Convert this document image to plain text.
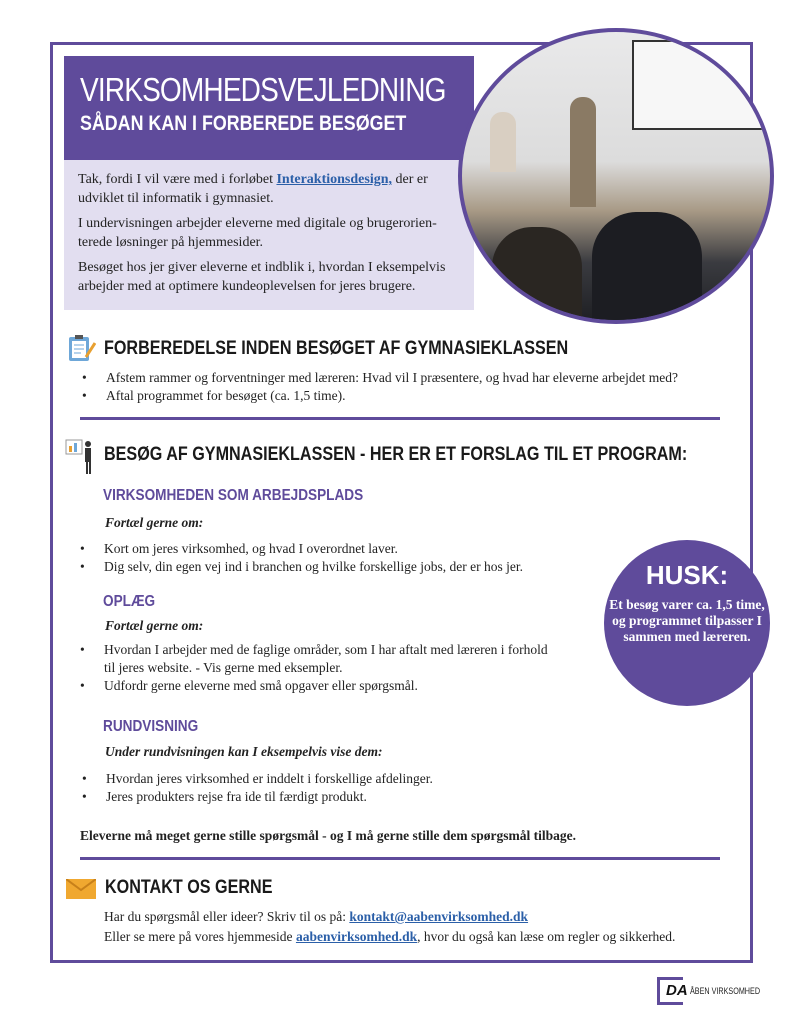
VIRKSOMHEDSVEJLEDNING
SÅDAN KAN I FORBEREDE BESØGET

Tak, fordi I vil være med i forløbet Interaktionsdesign, der er udviklet til informatik i gymnasiet.

I undervisningen arbejder eleverne med digitale og brugerorien-terede løsninger på hjemmesider.

Besøget hos jer giver eleverne et indblik i, hvordan I eksempelvis arbejder med at optimere kundeoplevelsen for jeres brugere.

FORBEREDELSE INDEN BESØGET AF GYMNASIEKLASSEN
• Afstem rammer og forventninger med læreren: Hvad vil I præsentere, og hvad har eleverne arbejdet med?
• Aftal programmet for besøget (ca. 1,5 time).
BESØG AF GYMNASIEKLASSEN - HER ER ET FORSLAG TIL ET PROGRAM:
VIRKSOMHEDEN SOM ARBEJDSPLADS
Fortæl gerne om:
• Kort om jeres virksomhed, og hvad I overordnet laver.
• Dig selv, din egen vej ind i branchen og hvilke forskellige jobs, der er hos jer.
OPLÆG
Fortæl gerne om:
• Hvordan I arbejder med de faglige områder, som I har aftalt med læreren i forhold til jeres website. - Vis gerne med eksempler.
• Udfordr gerne eleverne med små opgaver eller spørgsmål.
RUNDVISNING
Under rundvisningen kan I eksempelvis vise dem:
• Hvordan jeres virksomhed er inddelt i forskellige afdelinger.
• Jeres produkters rejse fra ide til færdigt produkt.
Eleverne må meget gerne stille spørgsmål - og I må gerne stille dem spørgsmål tilbage.
HUSK:
Et besøg varer ca. 1,5 time, og programmet tilpasser I sammen med læreren.
KONTAKT OS GERNE
Har du spørgsmål eller ideer? Skriv til os på: kontakt@aabenvirksomhed.dk
Eller se mere på vores hjemmeside aabenvirksomhed.dk, hvor du også kan læse om regler og sikkerhed.
DA ÅBEN VIRKSOMHED
